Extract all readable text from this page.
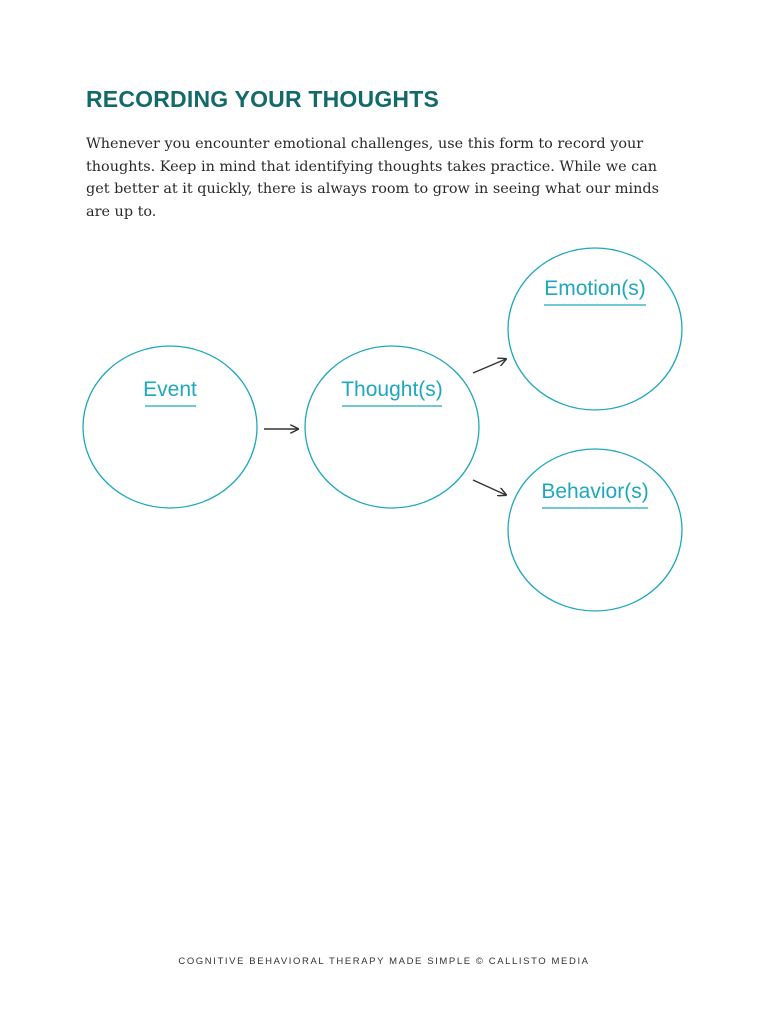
RECORDING YOUR THOUGHTS

Whenever you encounter emotional challenges, use this form to record your thoughts. Keep in mind that identifying thoughts takes practice. While we can get better at it quickly, there is always room to grow in seeing what our minds are up to.

Event	Thought(s)
Emotion(s)
Behavior(s)

COGNITIVE BEHAVIORAL THERAPY MADE SIMPLE © CALLISTO MEDIA
